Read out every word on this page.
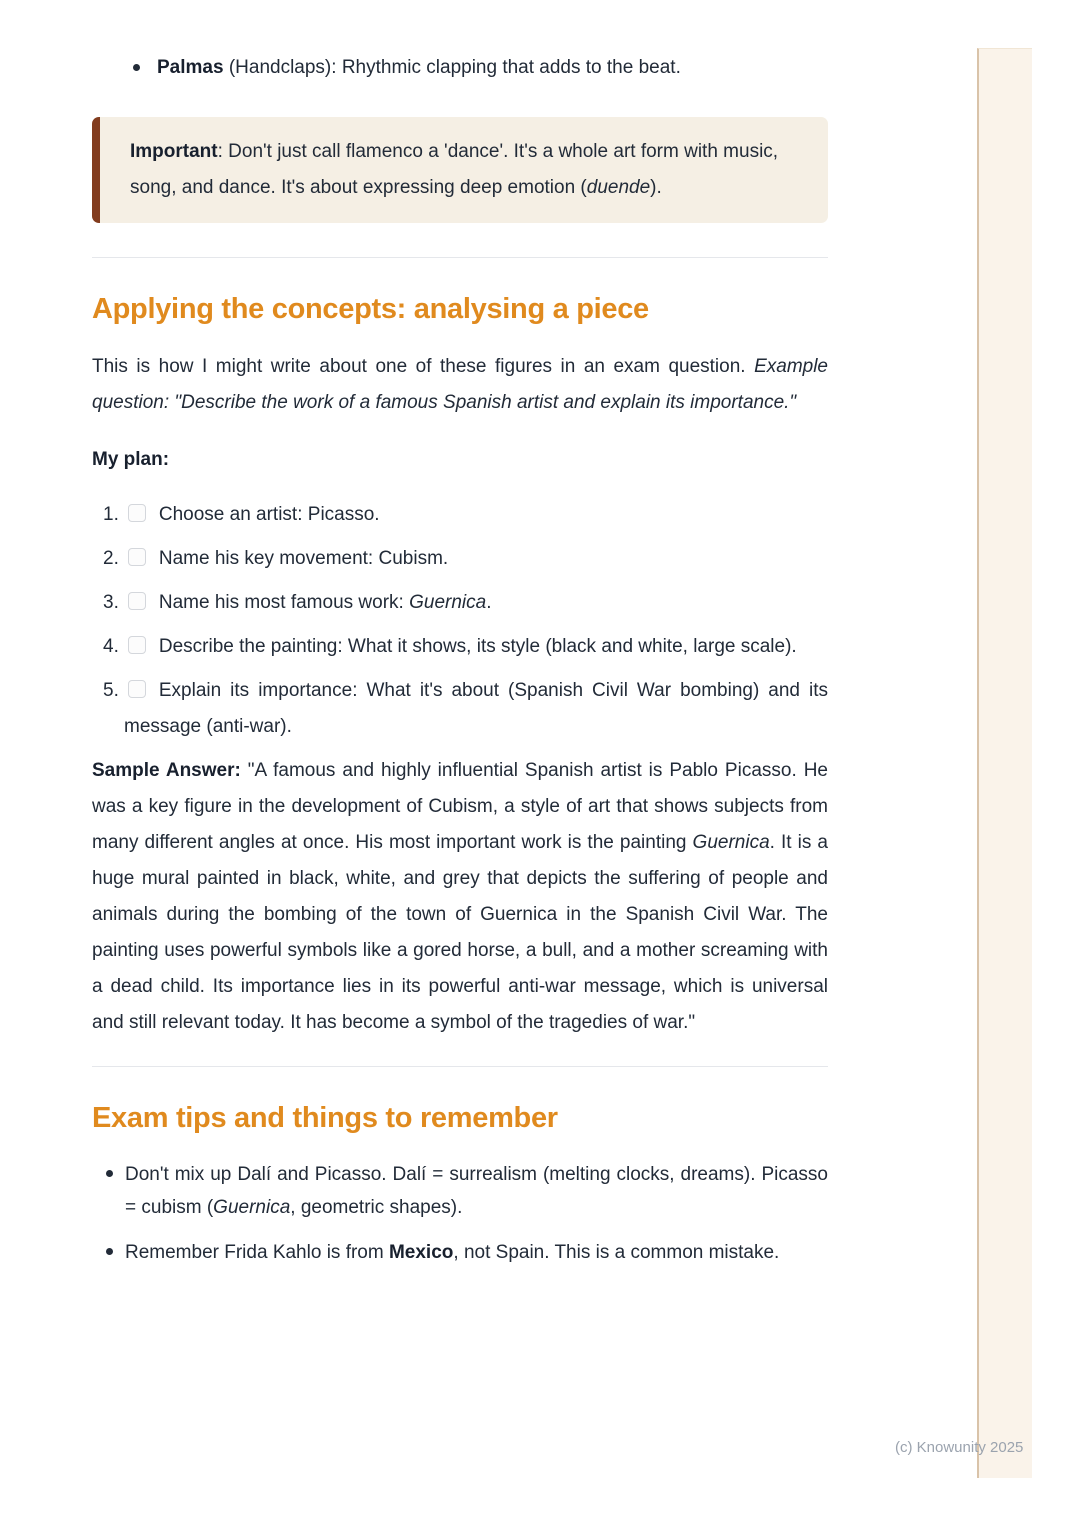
Palmas (Handclaps): Rhythmic clapping that adds to the beat.
Important: Don't just call flamenco a 'dance'. It's a whole art form with music, song, and dance. It's about expressing deep emotion (duende).
Applying the concepts: analysing a piece

This is how I might write about one of these figures in an exam question. Example question: "Describe the work of a famous Spanish artist and explain its importance."

My plan:

1. Choose an artist: Picasso.
2. Name his key movement: Cubism.
3. Name his most famous work: Guernica.
4. Describe the painting: What it shows, its style (black and white, large scale).
5. Explain its importance: What it's about (Spanish Civil War bombing) and its message (anti-war).

Sample Answer: "A famous and highly influential Spanish artist is Pablo Picasso. He was a key figure in the development of Cubism, a style of art that shows subjects from many different angles at once. His most important work is the painting Guernica. It is a huge mural painted in black, white, and grey that depicts the suffering of people and animals during the bombing of the town of Guernica in the Spanish Civil War. The painting uses powerful symbols like a gored horse, a bull, and a mother screaming with a dead child. Its importance lies in its powerful anti-war message, which is universal and still relevant today. It has become a symbol of the tragedies of war."

Exam tips and things to remember
Don't mix up Dalí and Picasso. Dalí = surrealism (melting clocks, dreams). Picasso = cubism (Guernica, geometric shapes).
Remember Frida Kahlo is from Mexico, not Spain. This is a common mistake.
(c) Knowunity 2025
